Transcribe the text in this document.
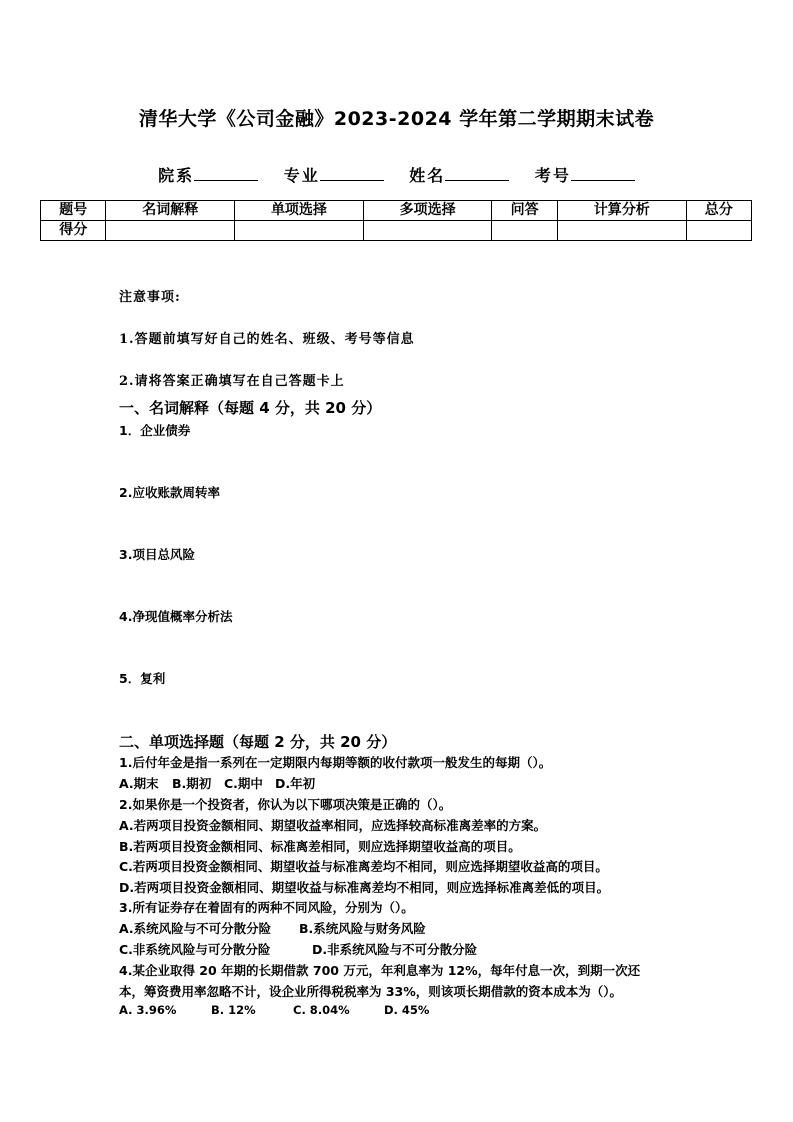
清华大学《公司金融》2023-2024 学年第二学期期末试卷
院系	专业	姓名	考号
题号	名词解释	单项选择	多项选择	问答	计算分析	总分
得分						
注意事项:
1.答题前填写好自己的姓名、班级、考号等信息
2.请将答案正确填写在自己答题卡上
一、名词解释（每题 4 分，共 20 分）
1．企业债券
2.应收账款周转率
3.项目总风险
4.净现值概率分析法
5．复利
二、单项选择题（每题 2 分，共 20 分）
1.后付年金是指一系列在一定期限内每期等额的收付款项一般发生的每期（）。
A.期末 B.期初 C.期中 D.年初
2.如果你是一个投资者，你认为以下哪项决策是正确的（）。
A.若两项目投资金额相同、期望收益率相同，应选择较高标准离差率的方案。
B.若两项目投资金额相同、标准离差相同，则应选择期望收益高的项目。
C.若两项目投资金额相同、期望收益与标准离差均不相同，则应选择期望收益高的项目。
D.若两项目投资金额相同、期望收益与标准离差均不相同，则应选择标准离差低的项目。
3.所有证券存在着固有的两种不同风险，分别为（）。
A.系统风险与不可分散分险 B.系统风险与财务风险
C.非系统风险与可分散分险	D.非系统风险与不可分散分险
4.某企业取得 20 年期的长期借款 700 万元，年利息率为 12%，每年付息一次，到期一次还
本，筹资费用率忽略不计，设企业所得税税率为 33%，则该项长期借款的资本成本为（）。
A. 3.96%	B. 12%	C. 8.04%	D. 45%
